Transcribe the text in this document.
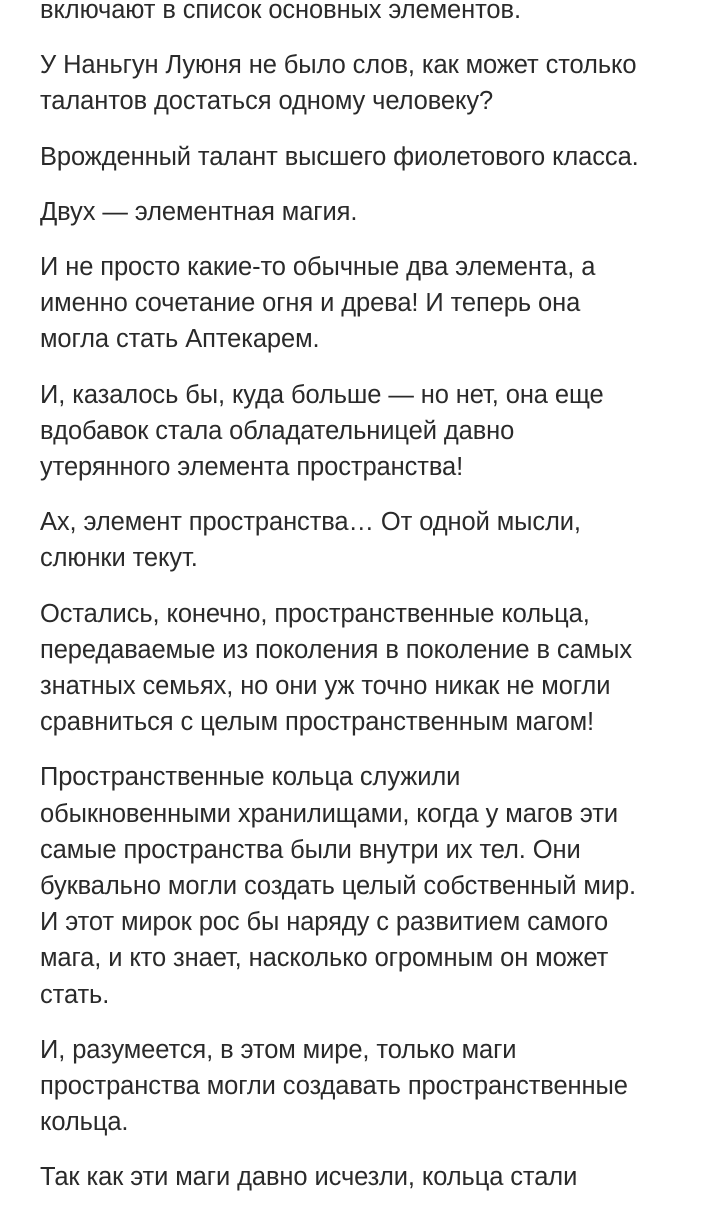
включают в список основных элементов.

У Наньгун Луюня не было слов, как может столько
талантов достаться одному человеку?

Врожденный талант высшего фиолетового класса.

Двух — элементная магия.

И не просто какие-то обычные два элемента, а
именно сочетание огня и древа! И теперь она
могла стать Аптекарем.

И, казалось бы, куда больше — но нет, она еще
вдобавок стала обладательницей давно
утерянного элемента пространства!

Ах, элемент пространства… От одной мысли,
слюнки текут.

Остались, конечно, пространственные кольца,
передаваемые из поколения в поколение в самых
знатных семьях, но они уж точно никак не могли
сравниться с целым пространственным магом!

Пространственные кольца служили
обыкновенными хранилищами, когда у магов эти
самые пространства были внутри их тел. Они
буквально могли создать целый собственный мир.
И этот мирок рос бы наряду с развитием самого
мага, и кто знает, насколько огромным он может
стать.

И, разумеется, в этом мире, только маги
пространства могли создавать пространственные
кольца.

Так как эти маги давно исчезли, кольца стали
